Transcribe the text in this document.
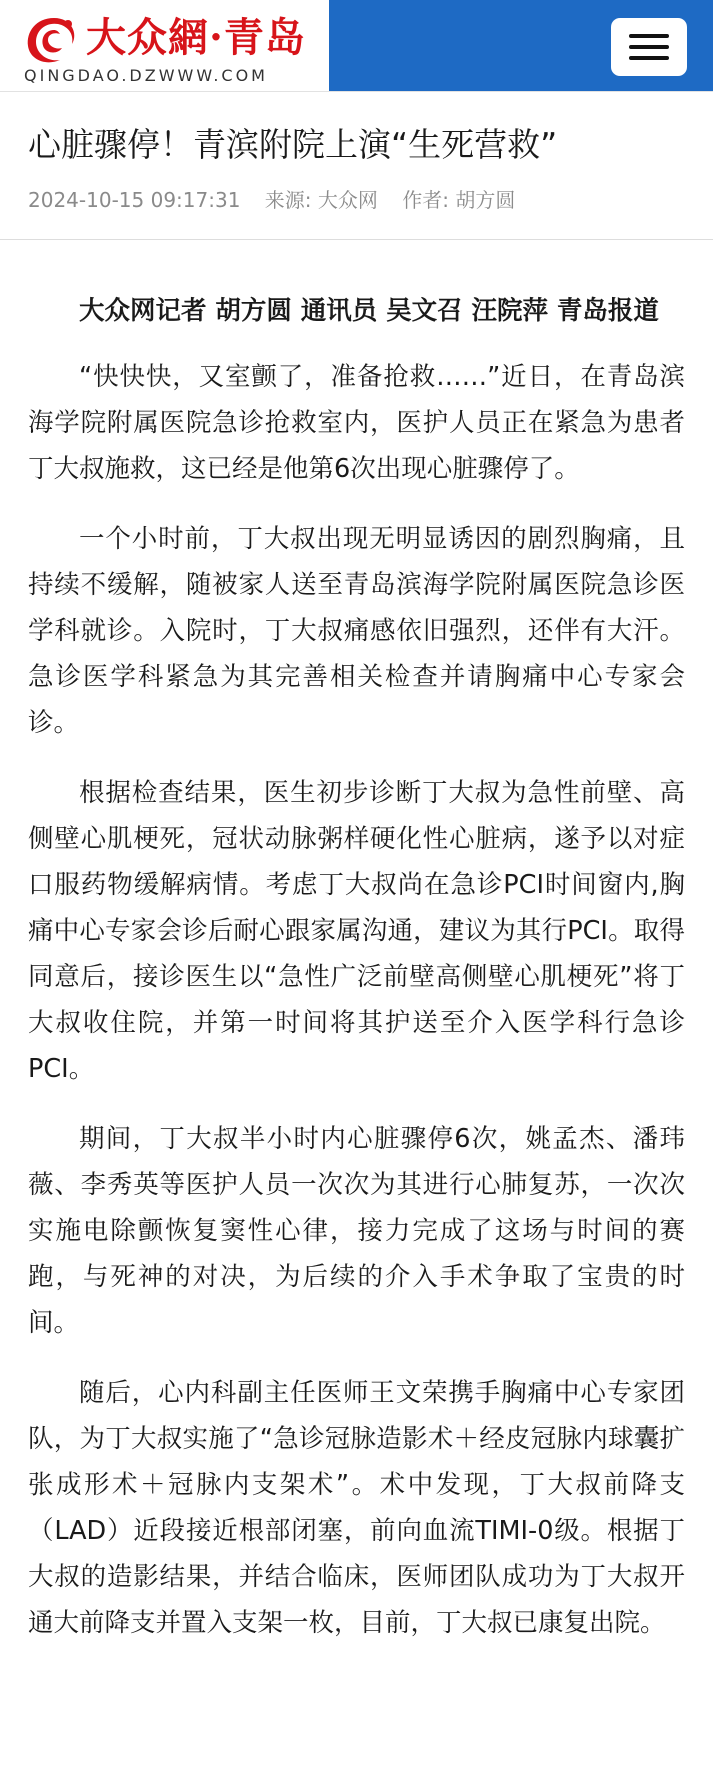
大众網·青岛
QINGDAO.DZWWW.COM
心脏骤停！青滨附院上演“生死营救”
2024-10-15 09:17:31 来源: 大众网 作者: 胡方圆

大众网记者 胡方圆 通讯员 吴文召 汪院萍 青岛报道

“快快快，又室颤了，准备抢救……”近日，在青岛滨海学院附属医院急诊抢救室内，医护人员正在紧急为患者丁大叔施救，这已经是他第6次出现心脏骤停了。

一个小时前，丁大叔出现无明显诱因的剧烈胸痛，且持续不缓解，随被家人送至青岛滨海学院附属医院急诊医学科就诊。入院时，丁大叔痛感依旧强烈，还伴有大汗。急诊医学科紧急为其完善相关检查并请胸痛中心专家会诊。

根据检查结果，医生初步诊断丁大叔为急性前壁、高侧壁心肌梗死，冠状动脉粥样硬化性心脏病，遂予以对症口服药物缓解病情。考虑丁大叔尚在急诊PCI时间窗内,胸痛中心专家会诊后耐心跟家属沟通，建议为其行PCI。取得同意后，接诊医生以“急性广泛前壁高侧壁心肌梗死”将丁大叔收住院，并第一时间将其护送至介入医学科行急诊PCI。

期间，丁大叔半小时内心脏骤停6次，姚孟杰、潘玮薇、李秀英等医护人员一次次为其进行心肺复苏，一次次实施电除颤恢复窦性心律，接力完成了这场与时间的赛跑，与死神的对决，为后续的介入手术争取了宝贵的时间。

随后，心内科副主任医师王文荣携手胸痛中心专家团队，为丁大叔实施了“急诊冠脉造影术＋经皮冠脉内球囊扩张成形术＋冠脉内支架术”。术中发现，丁大叔前降支（LAD）近段接近根部闭塞，前向血流TIMI-0级。根据丁大叔的造影结果，并结合临床，医师团队成功为丁大叔开通大前降支并置入支架一枚，目前，丁大叔已康复出院。
